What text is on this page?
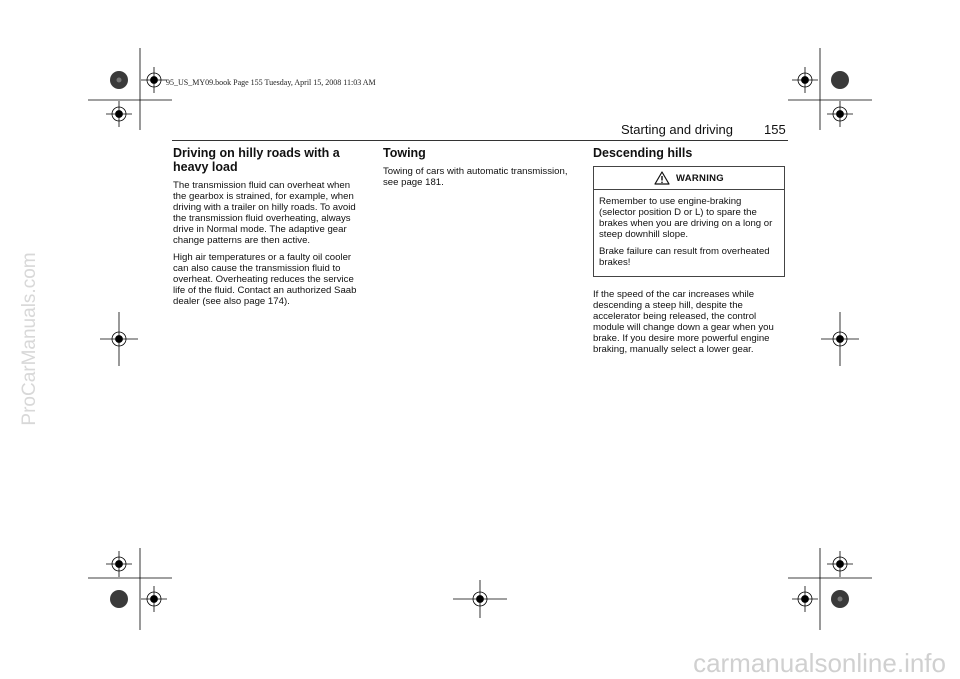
95_US_MY09.book Page 155 Tuesday, April 15, 2008 11:03 AM
Starting and driving 155
Driving on hilly roads with a heavy load

The transmission fluid can overheat when the gearbox is strained, for example, when driving with a trailer on hilly roads. To avoid the transmission fluid overheating, always drive in Normal mode. The adaptive gear change patterns are then active.

High air temperatures or a faulty oil cooler can also cause the transmission fluid to overheat. Overheating reduces the service life of the fluid. Contact an authorized Saab dealer (see also page 174).

Towing

Towing of cars with automatic transmission, see page 181.

Descending hills
WARNING

Remember to use engine-braking (selector position D or L) to spare the brakes when you are driving on a long or steep downhill slope.

Brake failure can result from overheated brakes!

If the speed of the car increases while descending a steep hill, despite the accelerator being released, the control module will change down a gear when you brake. If you desire more powerful engine braking, manually select a lower gear.

ProCarManuals.com
carmanualsonline.info
